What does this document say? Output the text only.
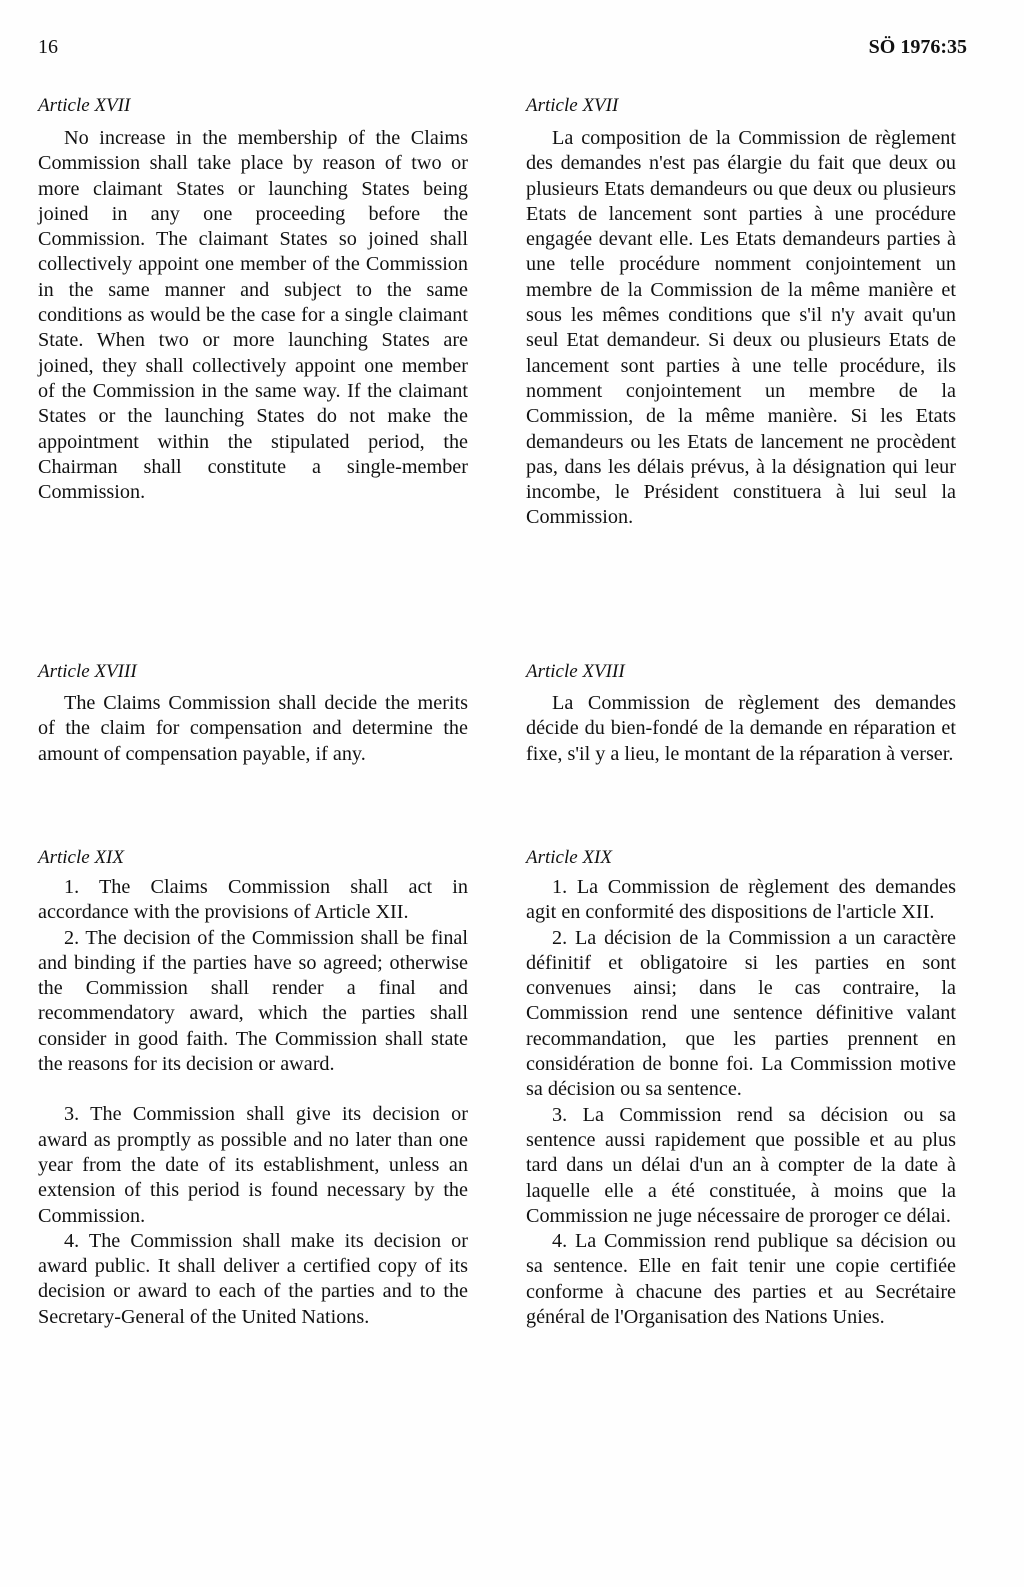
16	SÖ 1976:35
Article XVII

No increase in the membership of the Claims Commission shall take place by reason of two or more claimant States or launching States being joined in any one proceeding before the Commission. The claimant States so joined shall collectively appoint one member of the Commission in the same manner and subject to the same conditions as would be the case for a single claimant State. When two or more launching States are joined, they shall collectively appoint one member of the Commission in the same way. If the claimant States or the launching States do not make the appointment within the stipulated period, the Chairman shall constitute a single-member Commission.

Article XVIII

The Claims Commission shall decide the merits of the claim for compensation and determine the amount of compensation payable, if any.

Article XIX

1. The Claims Commission shall act in accordance with the provisions of Article XII.

2. The decision of the Commission shall be final and binding if the parties have so agreed; otherwise the Commission shall render a final and recommendatory award, which the parties shall consider in good faith. The Commission shall state the reasons for its decision or award.

3. The Commission shall give its decision or award as promptly as possible and no later than one year from the date of its establishment, unless an extension of this period is found necessary by the Commission.

4. The Commission shall make its decision or award public. It shall deliver a certified copy of its decision or award to each of the parties and to the Secretary-General of the United Nations.

Article XVII

La composition de la Commission de règlement des demandes n'est pas élargie du fait que deux ou plusieurs Etats demandeurs ou que deux ou plusieurs Etats de lancement sont parties à une procédure engagée devant elle. Les Etats demandeurs parties à une telle procédure nomment conjointement un membre de la Commission de la même manière et sous les mêmes conditions que s'il n'y avait qu'un seul Etat demandeur. Si deux ou plusieurs Etats de lancement sont parties à une telle procédure, ils nomment conjointement un membre de la Commission, de la même manière. Si les Etats demandeurs ou les Etats de lancement ne procèdent pas, dans les délais prévus, à la désignation qui leur incombe, le Président constituera à lui seul la Commission.

Article XVIII

La Commission de règlement des demandes décide du bien-fondé de la demande en réparation et fixe, s'il y a lieu, le montant de la réparation à verser.

Article XIX

1. La Commission de règlement des demandes agit en conformité des dispositions de l'article XII.

2. La décision de la Commission a un caractère définitif et obligatoire si les parties en sont convenues ainsi; dans le cas contraire, la Commission rend une sentence définitive valant recommandation, que les parties prennent en considération de bonne foi. La Commission motive sa décision ou sa sentence.

3. La Commission rend sa décision ou sa sentence aussi rapidement que possible et au plus tard dans un délai d'un an à compter de la date à laquelle elle a été constituée, à moins que la Commission ne juge nécessaire de proroger ce délai.

4. La Commission rend publique sa décision ou sa sentence. Elle en fait tenir une copie certifiée conforme à chacune des parties et au Secrétaire général de l'Organisation des Nations Unies.
